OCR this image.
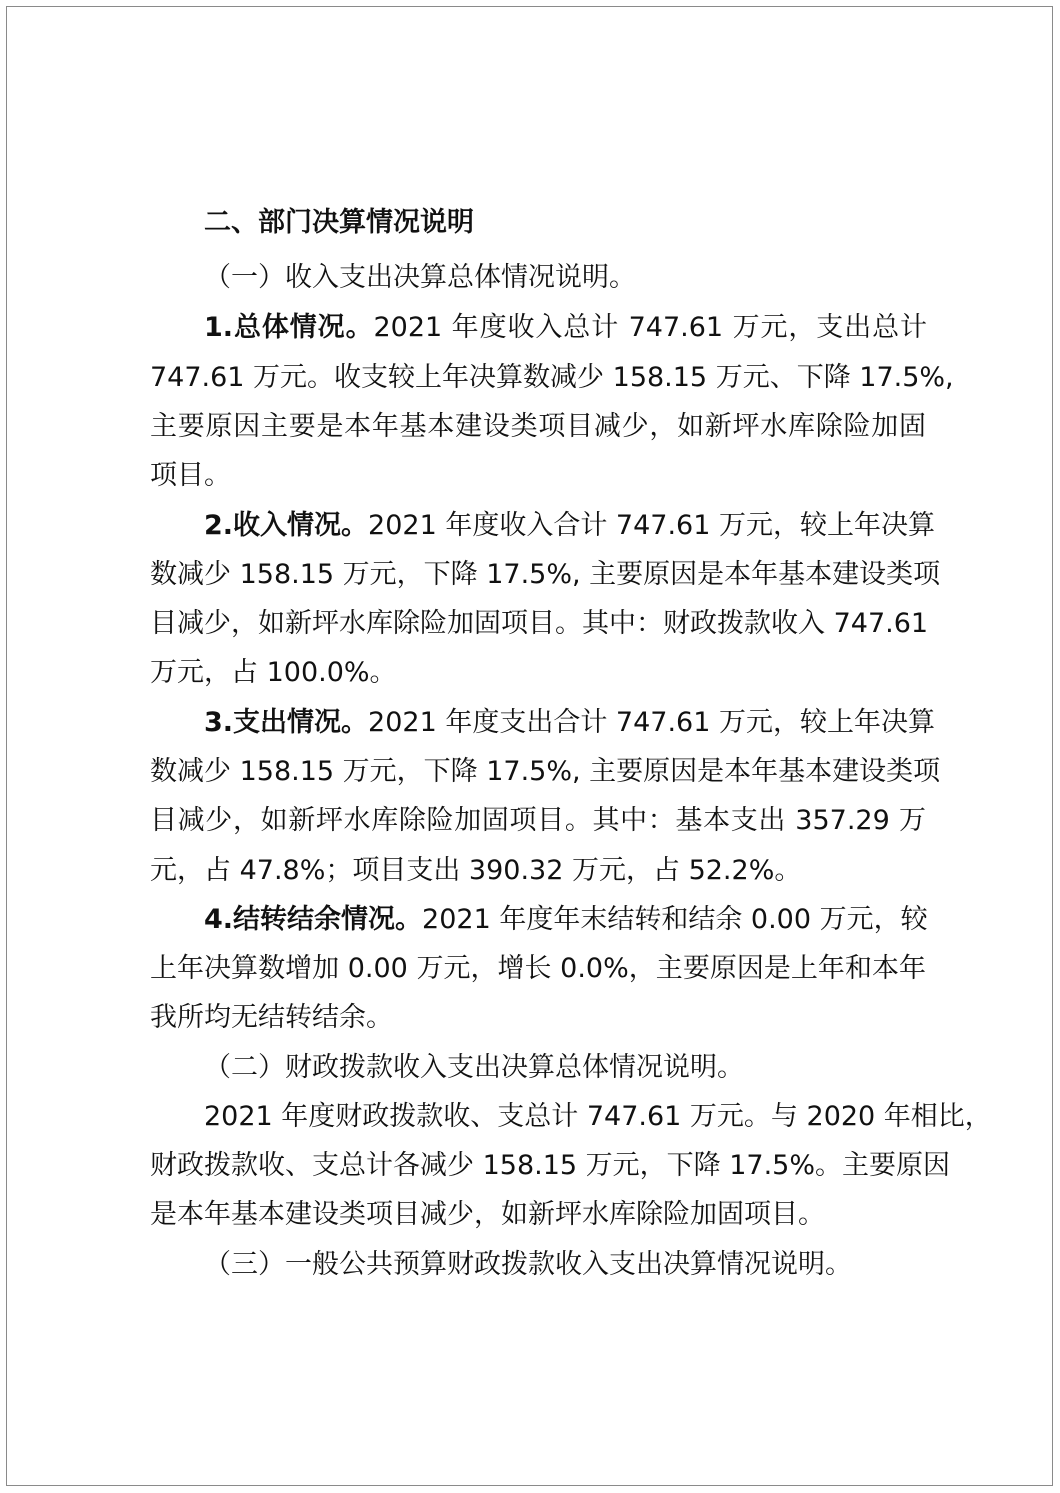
二、部门决算情况说明
（一）收入支出决算总体情况说明。
1.总体情况。2021 年度收入总计 747.61 万元，支出总计
747.61 万元。收支较上年决算数减少 158.15 万元、下降 17.5%,
主要原因主要是本年基本建设类项目减少，如新坪水库除险加固
项目。
2.收入情况。2021 年度收入合计 747.61 万元，较上年决算
数减少 158.15 万元，下降 17.5%, 主要原因是本年基本建设类项
目减少，如新坪水库除险加固项目。其中：财政拨款收入 747.61
万元，占 100.0%。
3.支出情况。2021 年度支出合计 747.61 万元，较上年决算
数减少 158.15 万元，下降 17.5%, 主要原因是本年基本建设类项
目减少，如新坪水库除险加固项目。其中：基本支出 357.29 万
元，占 47.8%；项目支出 390.32 万元，占 52.2%。
4.结转结余情况。2021 年度年末结转和结余 0.00 万元，较
上年决算数增加 0.00 万元，增长 0.0%，主要原因是上年和本年
我所均无结转结余。
（二）财政拨款收入支出决算总体情况说明。
2021 年度财政拨款收、支总计 747.61 万元。与 2020 年相比，
财政拨款收、支总计各减少 158.15 万元，下降 17.5%。主要原因
是本年基本建设类项目减少，如新坪水库除险加固项目。
（三）一般公共预算财政拨款收入支出决算情况说明。
